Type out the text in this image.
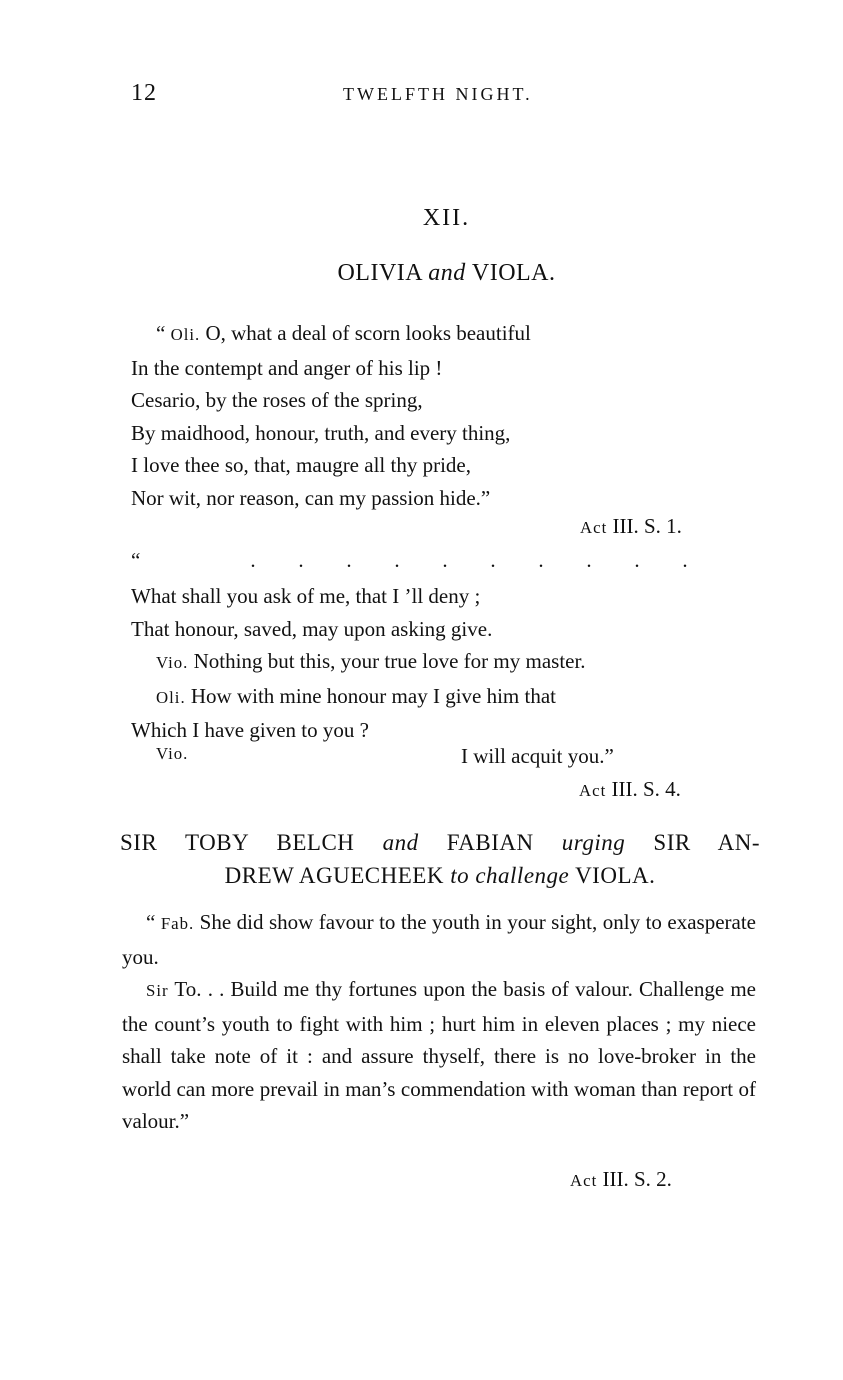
12	TWELFTH NIGHT.
XII.
OLIVIA and VIOLA.
“ Oli. O, what a deal of scorn looks beautiful
In the contempt and anger of his lip !
Cesario, by the roses of the spring,
By maidhood, honour, truth, and every thing,
I love thee so, that, maugre all thy pride,
Nor wit, nor reason, can my passion hide.”
Act III. S. 1.
“	. . . . . . . . . .
What shall you ask of me, that I ’ll deny ;
That honour, saved, may upon asking give.
Vio. Nothing but this, your true love for my master.
Oli. How with mine honour may I give him that
Which I have given to you ?
Vio.	I will acquit you.”
Act III. S. 4.
SIR TOBY BELCH and FABIAN urging SIR AN-
DREW AGUECHEEK to challenge VIOLA.

“ Fab. She did show favour to the youth in your sight, only to exasperate you.

Sir To. . . Build me thy fortunes upon the basis of valour. Challenge me the count’s youth to fight with him ; hurt him in eleven places ; my niece shall take note of it : and assure thyself, there is no love-broker in the world can more prevail in man’s commendation with woman than report of valour.”

Act III. S. 2.
